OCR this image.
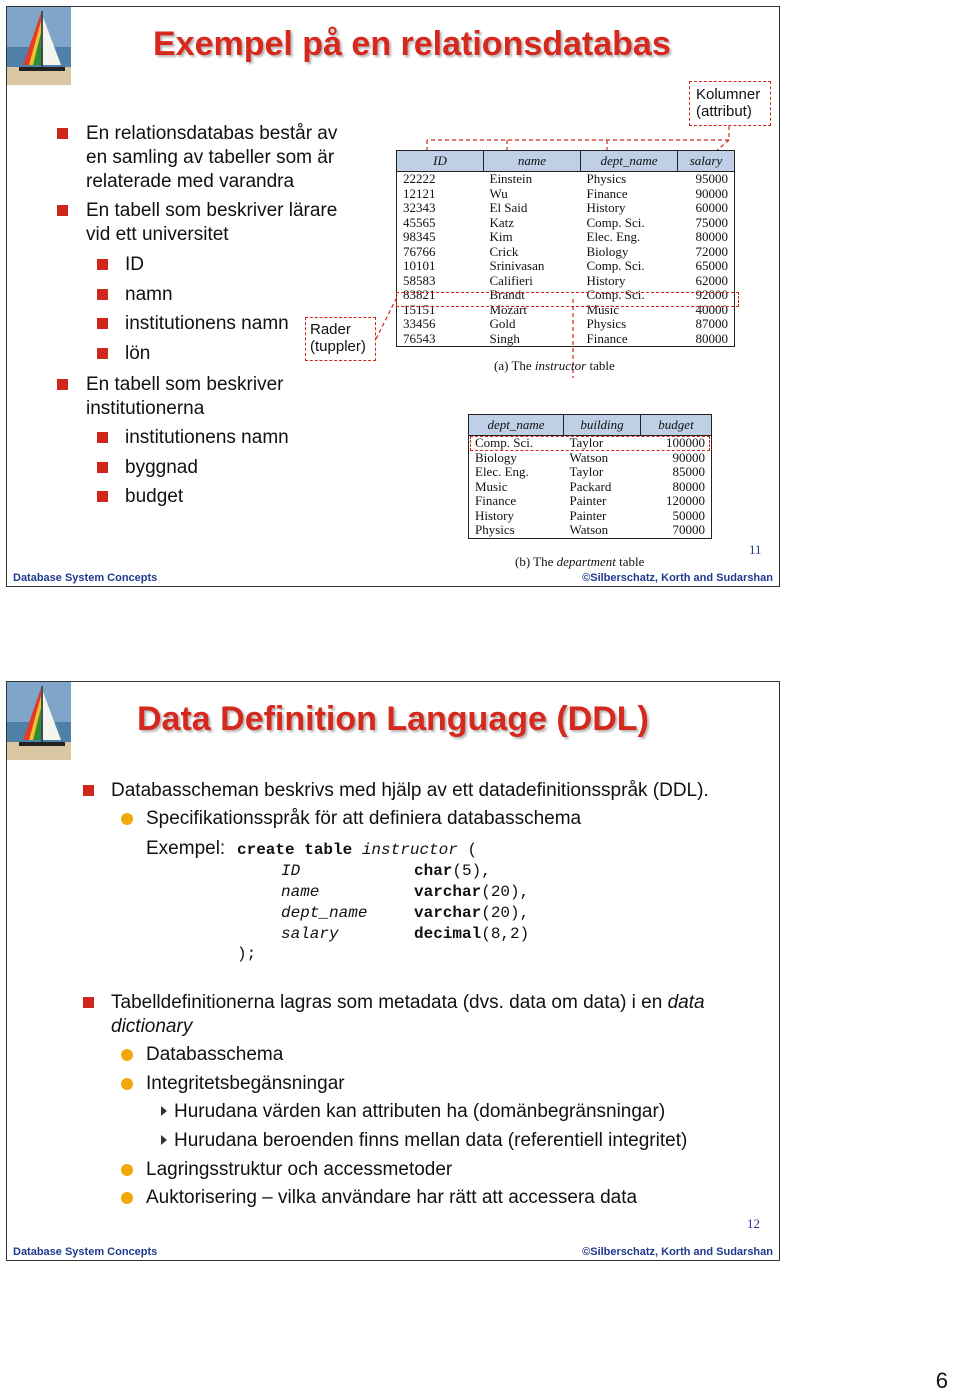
Exempel på en relationsdatabas
En relationsdatabas består av en samling av tabeller som är relaterade med varandra
En tabell som beskriver lärare vid ett universitet
ID
namn
institutionens namn
lön
En tabell som beskriver institutionerna
institutionens namn
byggnad
budget
Rader
(tuppler)
Kolumner
(attribut)
ID	name	dept_name	salary
22222	Einstein	Physics	95000
12121	Wu	Finance	90000
32343	El Said	History	60000
45565	Katz	Comp. Sci.	75000
98345	Kim	Elec. Eng.	80000
76766	Crick	Biology	72000
10101	Srinivasan	Comp. Sci.	65000
58583	Califieri	History	62000
83821	Brandt	Comp. Sci.	92000
15151	Mozart	Music	40000
33456	Gold	Physics	87000
76543	Singh	Finance	80000
(a) The instructor table
dept_name	building	budget
Comp. Sci.	Taylor	100000
Biology	Watson	90000
Elec. Eng.	Taylor	85000
Music	Packard	80000
Finance	Painter	120000
History	Painter	50000
Physics	Watson	70000
(b) The department table
11
Database System Concepts	©Silberschatz, Korth and Sudarshan
Data Definition Language (DDL)
Databasscheman beskrivs med hjälp av ett datadefinitionsspråk (DDL).
Specifikationsspråk för att definiera databasschema
Exempel: create table instructor (
ID	char(5),
name	varchar(20),
dept_name	varchar(20),
salary	decimal(8,2)
);
Tabelldefinitionerna lagras som metadata (dvs. data om data) i en data dictionary
Databasschema
Integritetsbegänsningar
Hurudana värden kan attributen ha (domänbegränsningar)
Hurudana beroenden finns mellan data (referentiell integritet)
Lagringsstruktur och accessmetoder
Auktorisering – vilka användare har rätt att accessera data
12
Database System Concepts	©Silberschatz, Korth and Sudarshan
6
